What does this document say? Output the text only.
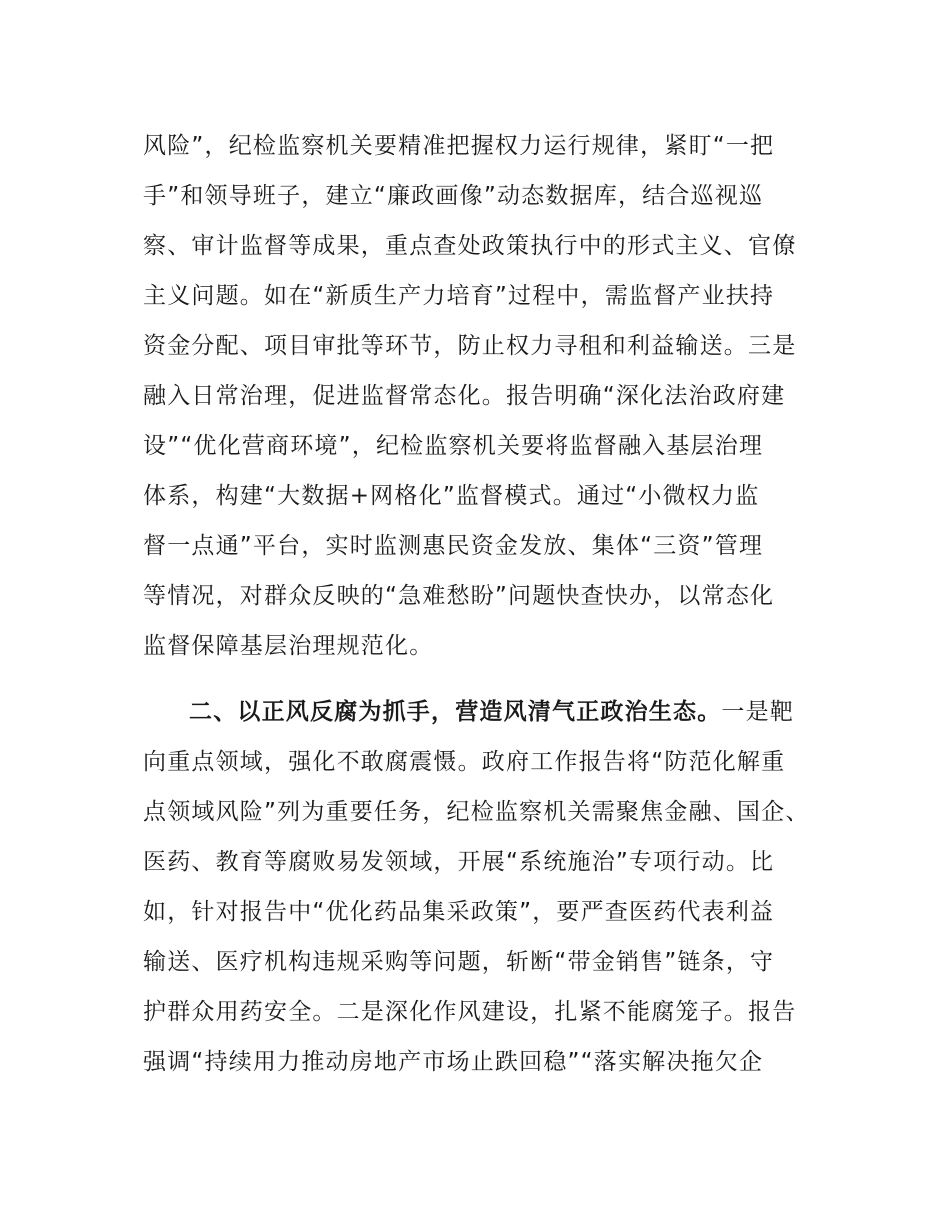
风险”，纪检监察机关要精准把握权力运行规律，紧盯“一把
手”和领导班子，建立“廉政画像”动态数据库，结合巡视巡
察、审计监督等成果，重点查处政策执行中的形式主义、官僚
主义问题。如在“新质生产力培育”过程中，需监督产业扶持
资金分配、项目审批等环节，防止权力寻租和利益输送。三是
融入日常治理，促进监督常态化。报告明确“深化法治政府建
设”“优化营商环境”，纪检监察机关要将监督融入基层治理
体系，构建“大数据+网格化”监督模式。通过“小微权力监
督一点通”平台，实时监测惠民资金发放、集体“三资”管理
等情况，对群众反映的“急难愁盼”问题快查快办，以常态化
监督保障基层治理规范化。
二、以正风反腐为抓手，营造风清气正政治生态。一是靶
向重点领域，强化不敢腐震慑。政府工作报告将“防范化解重
点领域风险”列为重要任务，纪检监察机关需聚焦金融、国企、
医药、教育等腐败易发领域，开展“系统施治”专项行动。比
如，针对报告中“优化药品集采政策”，要严查医药代表利益
输送、医疗机构违规采购等问题，斩断“带金销售”链条，守
护群众用药安全。二是深化作风建设，扎紧不能腐笼子。报告
强调“持续用力推动房地产市场止跌回稳”“落实解决拖欠企
